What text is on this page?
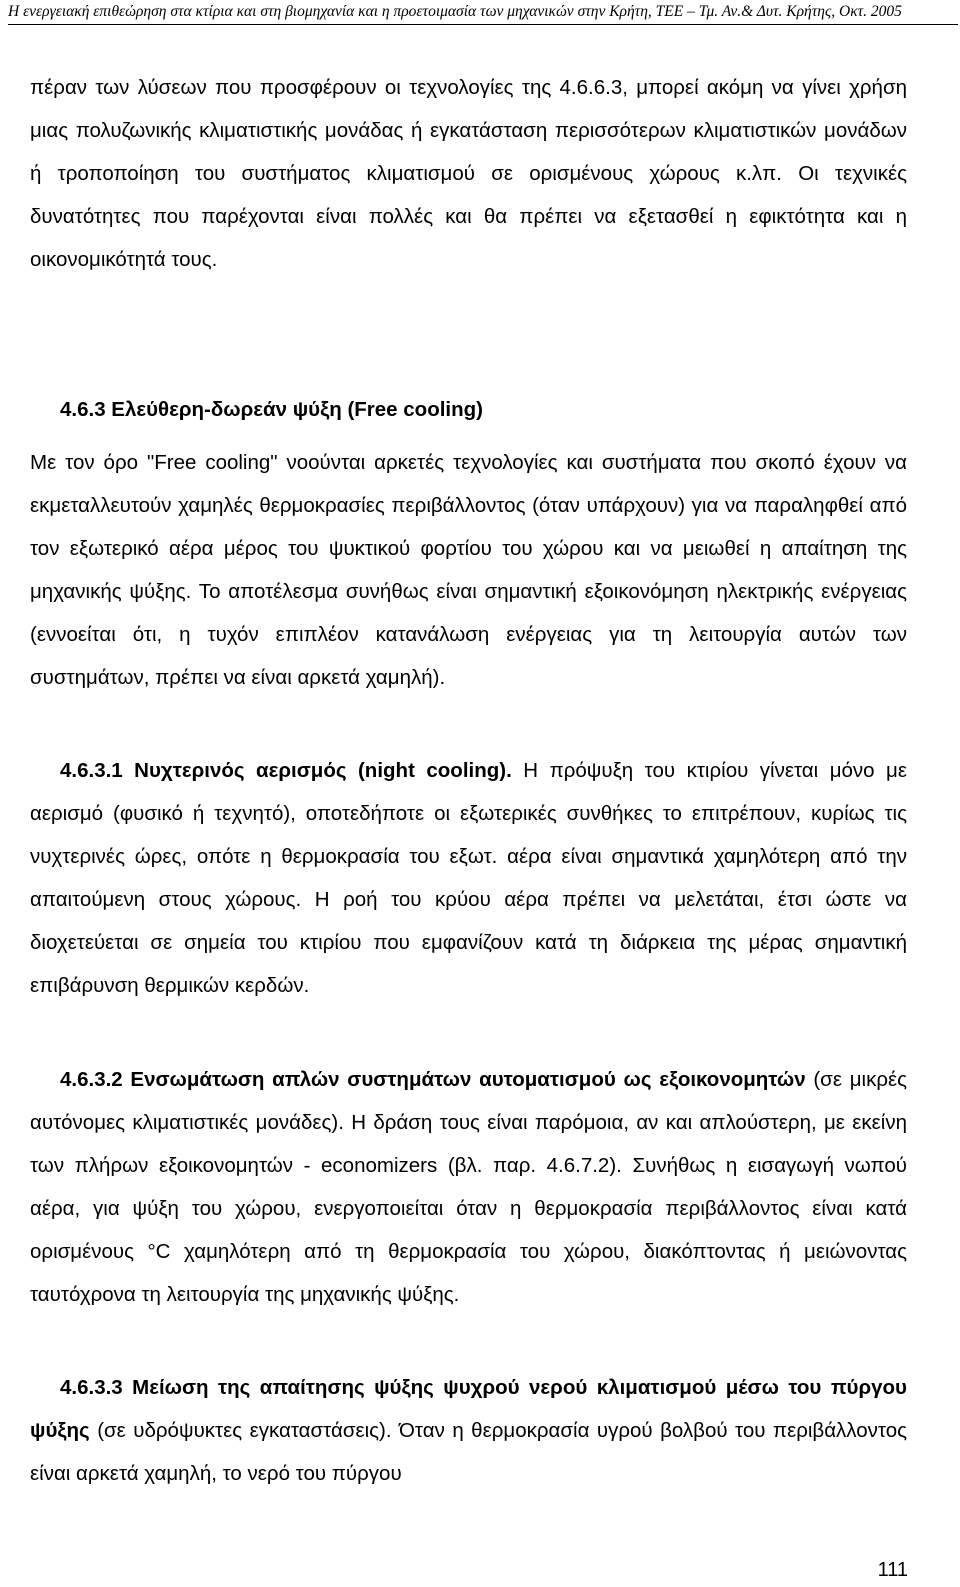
Η ενεργειακή επιθεώρηση στα κτίρια και στη βιομηχανία και η προετοιμασία των μηχανικών στην Κρήτη, ΤΕΕ – Τμ. Αν.& Δυτ. Κρήτης, Οκτ. 2005

πέραν των λύσεων που προσφέρουν οι τεχνολογίες της 4.6.6.3, μπορεί ακόμη να γίνει χρήση μιας πολυζωνικής κλιματιστικής μονάδας ή εγκατάσταση περισσότερων κλιματιστικών μονάδων ή τροποποίηση του συστήματος κλιματισμού σε ορισμένους χώρους κ.λπ. Οι τεχνικές δυνατότητες που παρέχονται είναι πολλές και θα πρέπει να εξετασθεί η εφικτότητα και η οικονομικότητά τους.

4.6.3 Ελεύθερη-δωρεάν ψύξη (Free cooling)

Με τον όρο "Free cooling" νοούνται αρκετές τεχνολογίες και συστήματα που σκοπό έχουν να εκμεταλλευτούν χαμηλές θερμοκρασίες περιβάλλοντος (όταν υπάρχουν) για να παραληφθεί από τον εξωτερικό αέρα μέρος του ψυκτικού φορτίου του χώρου και να μειωθεί η απαίτηση της μηχανικής ψύξης. Το αποτέλεσμα συνήθως είναι σημαντική εξοικονόμηση ηλεκτρικής ενέργειας (εννοείται ότι, η τυχόν επιπλέον κατανάλωση ενέργειας για τη λειτουργία αυτών των συστημάτων, πρέπει να είναι αρκετά χαμηλή).

4.6.3.1 Νυχτερινός αερισμός (night cooling). Η πρόψυξη του κτιρίου γίνεται μόνο με αερισμό (φυσικό ή τεχνητό), οποτεδήποτε οι εξωτερικές συνθήκες το επιτρέπουν, κυρίως τις νυχτερινές ώρες, οπότε η θερμοκρασία του εξωτ. αέρα είναι σημαντικά χαμηλότερη από την απαιτούμενη στους χώρους. Η ροή του κρύου αέρα πρέπει να μελετάται, έτσι ώστε να διοχετεύεται σε σημεία του κτιρίου που εμφανίζουν κατά τη διάρκεια της μέρας σημαντική επιβάρυνση θερμικών κερδών.

4.6.3.2 Ενσωμάτωση απλών συστημάτων αυτοματισμού ως εξοικονομητών (σε μικρές αυτόνομες κλιματιστικές μονάδες). Η δράση τους είναι παρόμοια, αν και απλούστερη, με εκείνη των πλήρων εξοικονομητών - economizers (βλ. παρ. 4.6.7.2). Συνήθως η εισαγωγή νωπού αέρα, για ψύξη του χώρου, ενεργοποιείται όταν η θερμοκρασία περιβάλλοντος είναι κατά ορισμένους °C χαμηλότερη από τη θερμοκρασία του χώρου, διακόπτοντας ή μειώνοντας ταυτόχρονα τη λειτουργία της μηχανικής ψύξης.

4.6.3.3 Μείωση της απαίτησης ψύξης ψυχρού νερού κλιματισμού μέσω του πύργου ψύξης (σε υδρόψυκτες εγκαταστάσεις). Όταν η θερμοκρασία υγρού βολβού του περιβάλλοντος είναι αρκετά χαμηλή, το νερό του πύργου

111
